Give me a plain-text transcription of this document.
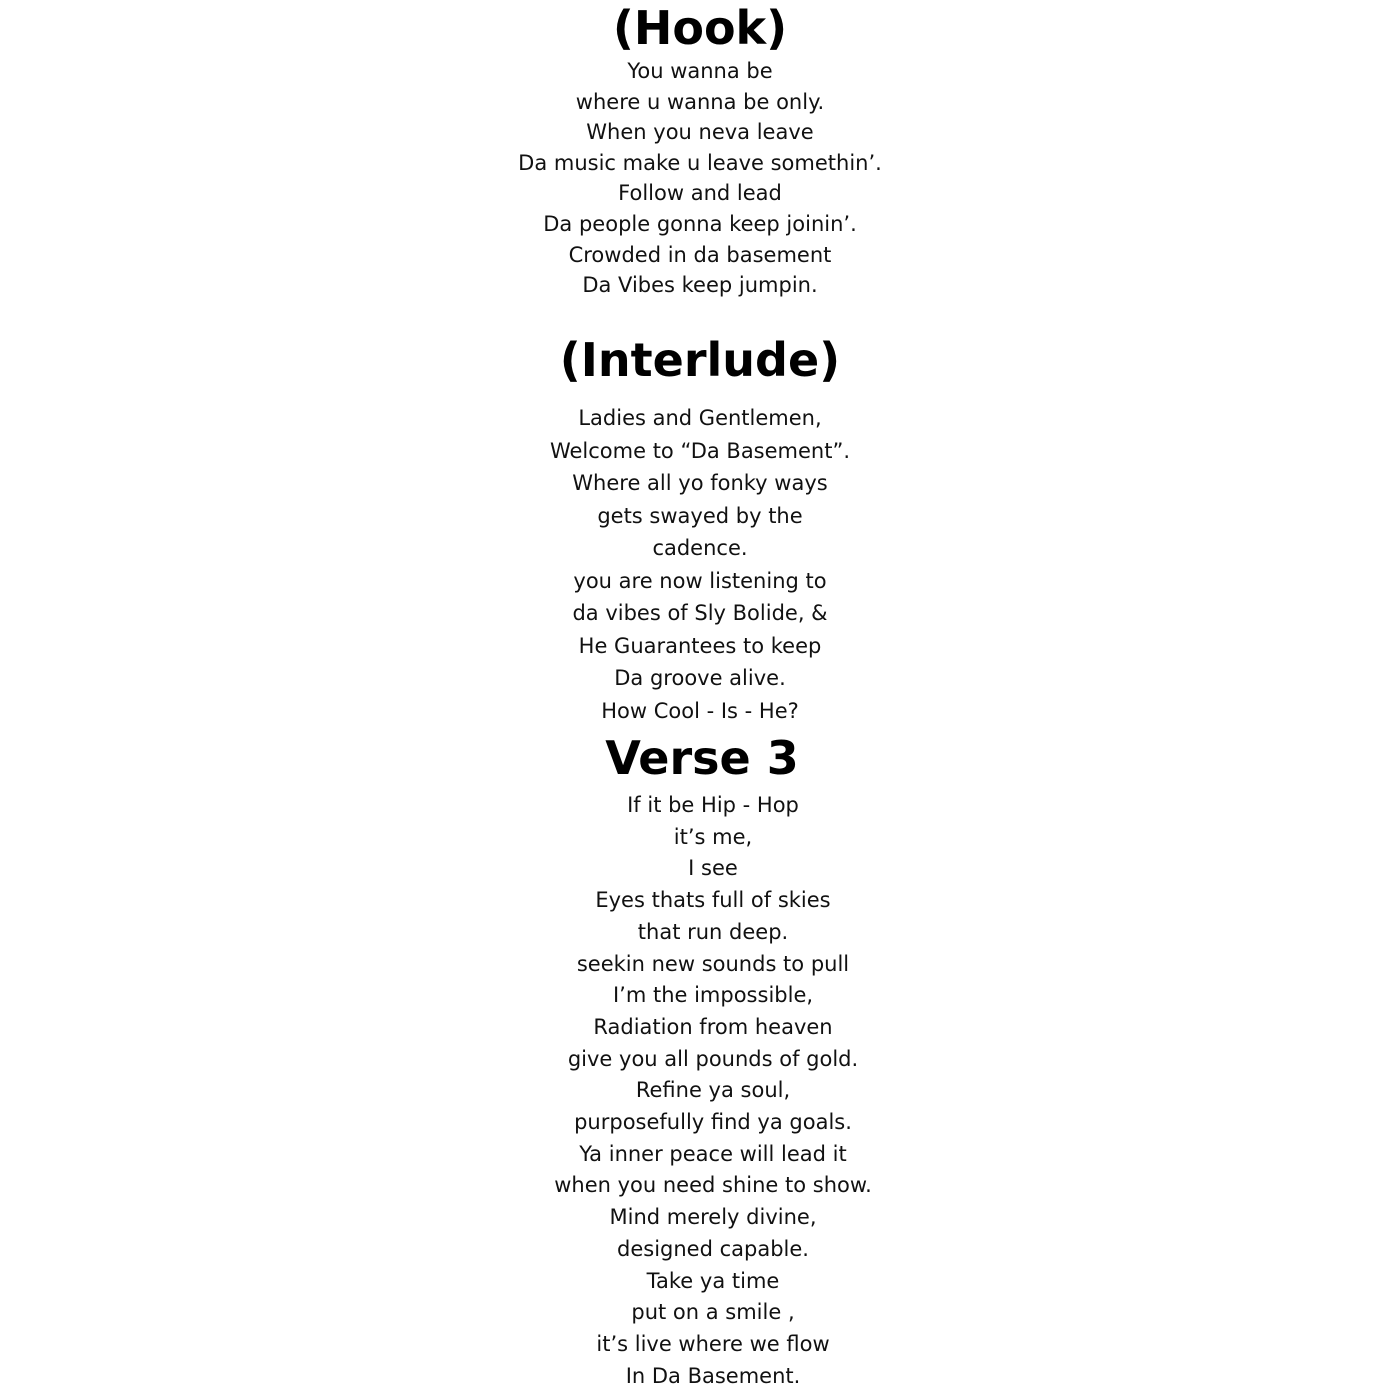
(Hook)
You wanna be
where u wanna be only.
When you neva leave
Da music make u leave somethin’.
Follow and lead
Da people gonna keep joinin’.
Crowded in da basement
Da Vibes keep jumpin.
(Interlude)
Ladies and Gentlemen,
Welcome to “Da Basement”.
Where all yo fonky ways
gets swayed by the
cadence.
you are now listening to
da vibes of Sly Bolide, &
He Guarantees to keep
Da groove alive.
How Cool - Is - He?
Verse 3
If it be Hip - Hop
it’s me,
I see
Eyes thats full of skies
that run deep.
seekin new sounds to pull
I’m the impossible,
Radiation from heaven
give you all pounds of gold.
Refine ya soul,
purposefully find ya goals.
Ya inner peace will lead it
when you need shine to show.
Mind merely divine,
designed capable.
Take ya time
put on a smile ,
it’s live where we flow
In Da Basement.
